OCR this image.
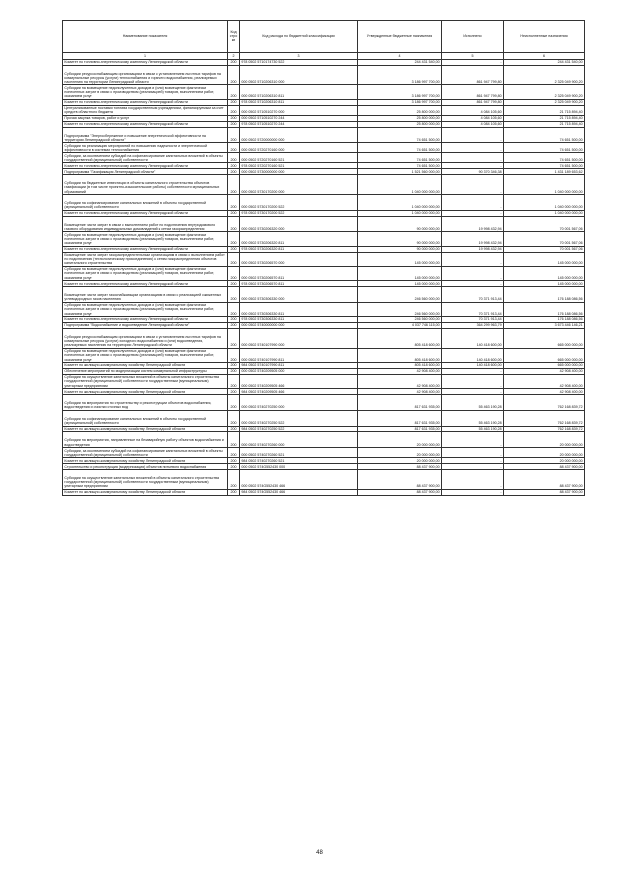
Наименование показателя	Код стро ки	Код расхода по бюджетной классификации	Утвержденные бюджетные назначения	Исполнено	Неисполненные назначения
1	2	3	4	5	6
Комитет по топливно-энергетическому комплексу Ленинградской области	200	978 0502 5710174730 522	244 431 540,00	-	244 431 540,00
Субсидии ресурсоснабжающим организациям в связи с установлением льготных тарифов на коммунальные ресурсы (услуги) теплоснабжения и горячего водоснабжения, реализуемых населению на территории Ленинградской области	200	000 0502 5710206310 000	3 186 997 700,00	861 947 799,80	2 325 049 900,20
Субсидии на возмещение недополученных доходов и (или) возмещение фактически понесенных затрат в связи с производством (реализацией) товаров, выполнением работ, оказанием услуг	200	000 0502 5710206310 811	3 186 997 700,00	861 947 799,80	2 325 049 900,20
Комитет по топливно-энергетическому комплексу Ленинградской области	200	978 0502 5710206310 811	3 186 997 700,00	861 947 799,80	2 325 049 900,20
Централизованные поставки топлива государственным учреждениям, финансируемым за счет средств областного бюджета	200	000 0502 5710510270 000	25 800 000,00	4 084 105,60	21 715 894,40
Прочая закупка товаров, работ и услуг	200	000 0502 5710510270 244	25 800 000,00	4 084 105,60	21 715 894,40
Комитет по топливно-энергетическому комплексу Ленинградской области	200	978 0502 5710510270 244	25 800 000,00	4 084 105,60	21 715 894,40
Подпрограмма "Энергосбережение и повышение энергетической эффективности на территории Ленинградской области"	200	000 0502 5720000000 000	74 651 500,00	-	74 651 500,00
Субсидии на реализацию мероприятий по повышению надежности и энергетической эффективности в системах теплоснабжения	200	000 0502 5720270160 000	74 651 500,00	-	74 651 500,00
Субсидии, за исключением субсидий на софинансирование капитальных вложений в объекты государственной (муниципальной) собственности	200	000 0502 5720270160 521	74 651 500,00	-	74 651 500,00
Комитет по топливно-энергетическому комплексу Ленинградской области	200	978 0502 5720270160 521	74 651 500,00	-	74 651 500,00
Подпрограмма "Газификация Ленинградской области"	200	000 0502 5730000000 000	1 521 560 000,00	90 370 346,38	1 431 189 653,62
Субсидии на бюджетные инвестиции в объекты капитального строительства объектов газификации (в том числе проектно-изыскательские работы) собственности муниципальных образований	200	000 0502 5730170200 000	1 040 000 000,00	-	1 040 000 000,00
Субсидии на софинансирование капитальных вложений в объекты государственной (муниципальной) собственности	200	000 0502 5730170200 522	1 040 000 000,00	-	1 040 000 000,00
Комитет по топливно-энергетическому комплексу Ленинградской области	200	978 0502 5730170200 522	1 040 000 000,00	-	1 040 000 000,00
Возмещение части затрат в связи с выполнением работ по подключению внутридомового газового оборудования индивидуальных домовладений к сетям газораспределения	200	000 0502 5730206320 000	90 000 000,00	19 998 432,94	70 001 567,06
Субсидии на возмещение недополученных доходов и (или) возмещение фактически понесенных затрат в связи с производством (реализацией) товаров, выполнением работ, оказанием услуг	200	000 0502 5730206320 811	90 000 000,00	19 998 432,94	70 001 567,06
Комитет по топливно-энергетическому комплексу Ленинградской области	200	978 0502 5730206320 811	90 000 000,00	19 998 432,94	70 001 567,06
Возмещение части затрат газораспределительным организациям в связи с выполнением работ по подключению (технологическому присоединению) к сетям газораспределения объектов капитального строительства	200	000 0502 5730206570 000	145 000 000,00	-	145 000 000,00
Субсидии на возмещение недополученных доходов и (или) возмещение фактически понесенных затрат в связи с производством (реализацией) товаров, выполнением работ, оказанием услуг	200	000 0502 5730206570 811	145 000 000,00	-	145 000 000,00
Комитет по топливно-энергетическому комплексу Ленинградской области	200	978 0502 5730206570 811	145 000 000,00	-	145 000 000,00
Возмещение части затрат газоснабжающим организациям в связи с реализацией сжиженных углеводородных газов населению	200	000 0502 5730306330 000	246 560 000,00	70 371 913,44	176 188 086,56
Субсидии на возмещение недополученных доходов и (или) возмещение фактически понесенных затрат в связи с производством (реализацией) товаров, выполнением работ, оказанием услуг	200	000 0502 5730306330 811	246 560 000,00	70 371 913,44	176 188 086,56
Комитет по топливно-энергетическому комплексу Ленинградской области	200	978 0502 5730306330 811	246 560 000,00	70 371 913,44	176 188 086,56
Подпрограмма "Водоснабжение и водоотведение Ленинградской области"	200	000 0502 5740000000 000	4 037 746 115,00	364 299 963,79	3 673 446 146,21
Субсидии ресурсоснабжающим организациям в связи с установлением льготных тарифов на коммунальные ресурсы (услуги) холодного водоснабжения и (или) водоотведения, реализуемых населению на территории Ленинградской области	200	000 0502 5740107990 000	805 418 600,00	140 418 600,00	665 000 000,00
Субсидии на возмещение недополученных доходов и (или) возмещение фактически понесенных затрат в связи с производством (реализацией) товаров, выполнением работ, оказанием услуг	200	000 0502 5740107990 811	805 418 600,00	140 418 600,00	665 000 000,00
Комитет по жилищно-коммунальному хозяйству Ленинградской области	200	984 0502 5740107990 811	805 418 600,00	140 418 600,00	665 000 000,00
Обеспечение мероприятий по модернизации систем коммунальной инфраструктуры	200	000 0502 5740209505 000	42 908 400,00	-	42 908 400,00
Субсидии на осуществление капитальных вложений в объекты капитального строительства государственной (муниципальной) собственности государственным (муниципальным) унитарным предприятиям	200	000 0502 5740209505 466	42 908 400,00	-	42 908 400,00
Комитет по жилищно-коммунальному хозяйству Ленинградской области	200	984 0502 5740209505 466	42 908 400,00	-	42 908 400,00
Субсидии на мероприятия по строительству и реконструкции объектов водоснабжения, водоотведения и очистки сточных вод	200	000 0502 5740270250 000	817 631 935,00	55 463 190,28	762 168 839,72
Субсидии на софинансирование капитальных вложений в объекты государственной (муниципальной) собственности	200	000 0502 5740270250 522	817 631 935,00	55 463 190,28	762 168 839,72
Комитет по жилищно-коммунальному хозяйству Ленинградской области	200	984 0502 5740270250 522	817 631 935,00	55 463 190,28	762 168 839,72
Субсидии на мероприятия, направленные на безаварийную работу объектов водоснабжения и водоотведения	200	000 0502 5740270260 000	20 000 000,00	-	20 000 000,00
Субсидии, за исключением субсидий на софинансирование капитальных вложений в объекты государственной (муниципальной) собственности	200	000 0502 5740270260 521	20 000 000,00	-	20 000 000,00
Комитет по жилищно-коммунальному хозяйству Ленинградской области	200	984 0502 5740270260 521	20 000 000,00	-	20 000 000,00
Строительство и реконструкция (модернизация) объектов питьевого водоснабжения	200	000 0502 574G552430 000	88 437 900,00	-	88 437 900,00
Субсидии на осуществление капитальных вложений в объекты капитального строительства государственной (муниципальной) собственности государственным (муниципальным) унитарным предприятиям	200	000 0502 574G552430 466	88 437 900,00	-	88 437 900,00
Комитет по жилищно-коммунальному хозяйству Ленинградской области	200	984 0502 574G552430 466	88 437 900,00	-	88 437 900,00
48
